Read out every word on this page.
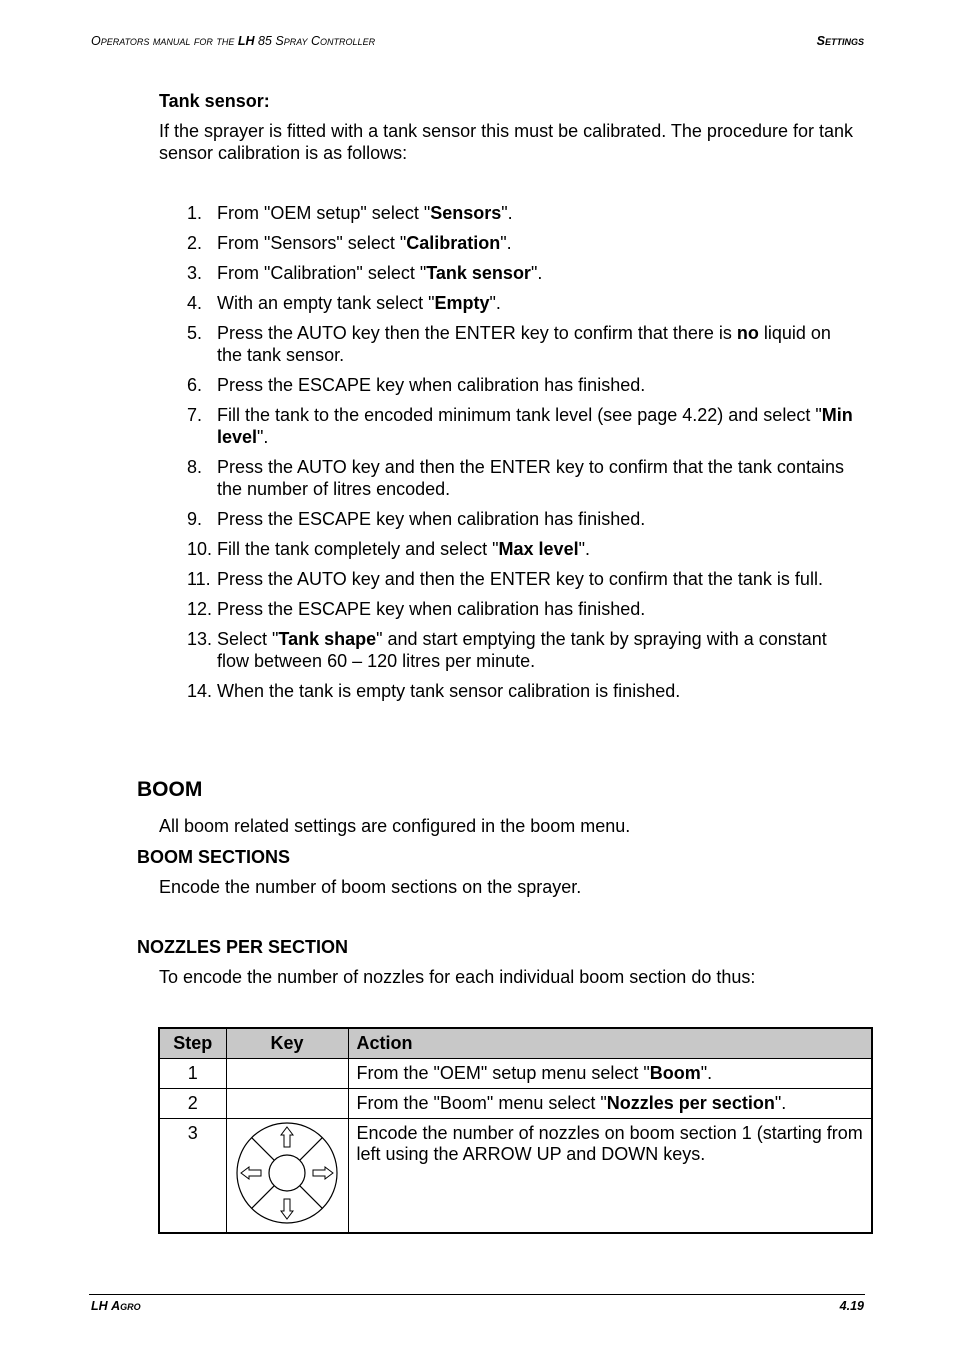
Operators manual for the LH 85 Spray Controller	Settings
Tank sensor:
If the sprayer is fitted with a tank sensor this must be calibrated. The procedure for tank sensor calibration is as follows:
1. From "OEM setup" select "Sensors".
2. From "Sensors" select "Calibration".
3. From "Calibration" select "Tank sensor".
4. With an empty tank select "Empty".
5. Press the AUTO key then the ENTER key to confirm that there is no liquid on the tank sensor.
6. Press the ESCAPE key when calibration has finished.
7. Fill the tank to the encoded minimum tank level (see page 4.22) and select "Min level".
8. Press the AUTO key and then the ENTER key to confirm that the tank contains the number of litres encoded.
9. Press the ESCAPE key when calibration has finished.
10. Fill the tank completely and select "Max level".
11. Press the AUTO key and then the ENTER key to confirm that the tank is full.
12. Press the ESCAPE key when calibration has finished.
13. Select "Tank shape" and start emptying the tank by spraying with a constant flow between 60 – 120 litres per minute.
14. When the tank is empty tank sensor calibration is finished.
BOOM
All boom related settings are configured in the boom menu.
BOOM SECTIONS
Encode the number of boom sections on the sprayer.
NOZZLES PER SECTION
To encode the number of nozzles for each individual boom section do thus:
Step	Key	Action
1		From the "OEM" setup menu select "Boom".
2		From the "Boom" menu select "Nozzles per section".
3		Encode the number of nozzles on boom section 1 (starting from left using the ARROW UP and DOWN keys.
LH Agro	4.19
